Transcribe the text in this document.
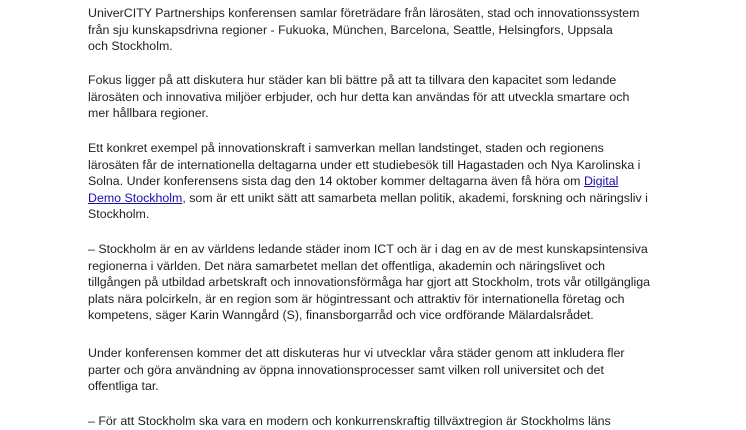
UniverCITY Partnerships konferensen samlar företrädare från lärosäten, stad och innovationssystem
från sju kunskapsdrivna regioner - Fukuoka, München, Barcelona, Seattle, Helsingfors, Uppsala
och Stockholm.

Fokus ligger på att diskutera hur städer kan bli bättre på att ta tillvara den kapacitet som ledande
lärosäten och innovativa miljöer erbjuder, och hur detta kan användas för att utveckla smartare och
mer hållbara regioner.

Ett konkret exempel på innovationskraft i samverkan mellan landstinget, staden och regionens
lärosäten får de internationella deltagarna under ett studiebesök till Hagastaden och Nya Karolinska i
Solna. Under konferensens sista dag den 14 oktober kommer deltagarna även få höra om Digital
Demo Stockholm, som är ett unikt sätt att samarbeta mellan politik, akademi, forskning och näringsliv i
Stockholm.

– Stockholm är en av världens ledande städer inom ICT och är i dag en av de mest kunskapsintensiva
regionerna i världen. Det nära samarbetet mellan det offentliga, akademin och näringslivet och
tillgången på utbildad arbetskraft och innovationsförmåga har gjort att Stockholm, trots vår otillgängliga
plats nära polcirkeln, är en region som är högintressant och attraktiv för internationella företag och
kompetens, säger Karin Wanngård (S), finansborgarråd och vice ordförande Mälardalsrådet.

Under konferensen kommer det att diskuteras hur vi utvecklar våra städer genom att inkludera fler
parter och göra användning av öppna innovationsprocesser samt vilken roll universitet och det
offentliga tar.

– För att Stockholm ska vara en modern och konkurrenskraftig tillväxtregion är Stockholms läns
